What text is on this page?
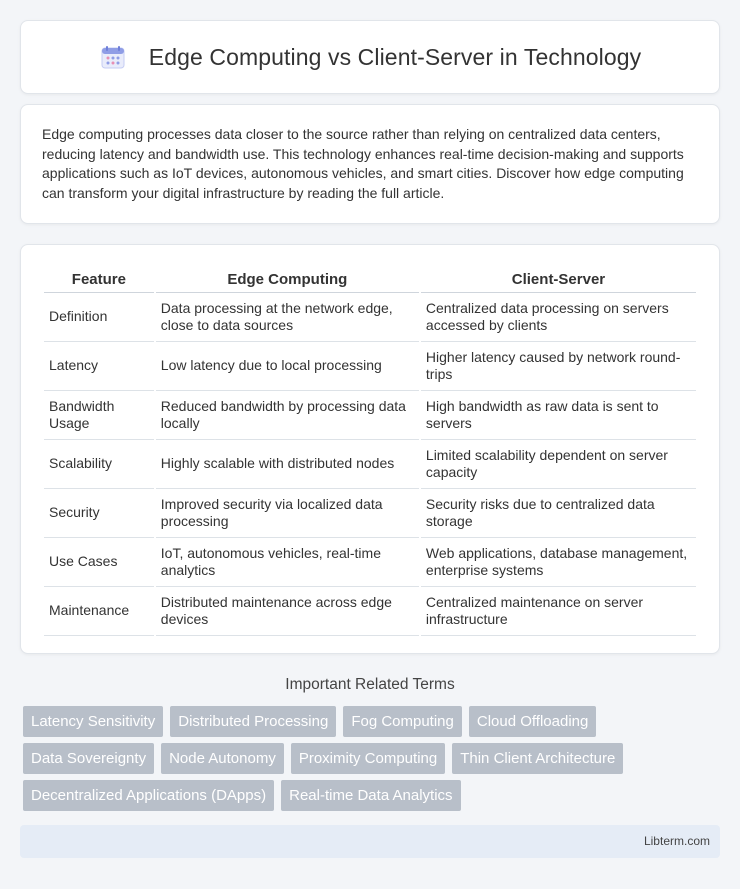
Edge Computing vs Client-Server in Technology

Edge computing processes data closer to the source rather than relying on centralized data centers, reducing latency and bandwidth use. This technology enhances real-time decision-making and supports applications such as IoT devices, autonomous vehicles, and smart cities. Discover how edge computing can transform your digital infrastructure by reading the full article.

Feature	Edge Computing	Client-Server
Definition	Data processing at the network edge, close to data sources	Centralized data processing on servers accessed by clients
Latency	Low latency due to local processing	Higher latency caused by network round-trips
Bandwidth Usage	Reduced bandwidth by processing data locally	High bandwidth as raw data is sent to servers
Scalability	Highly scalable with distributed nodes	Limited scalability dependent on server capacity
Security	Improved security via localized data processing	Security risks due to centralized data storage
Use Cases	IoT, autonomous vehicles, real-time analytics	Web applications, database management, enterprise systems
Maintenance	Distributed maintenance across edge devices	Centralized maintenance on server infrastructure
Important Related Terms
Latency Sensitivity	Distributed Processing	Fog Computing	Cloud Offloading
Data Sovereignty	Node Autonomy	Proximity Computing	Thin Client Architecture
Decentralized Applications (DApps)	Real-time Data Analytics
Libterm.com
